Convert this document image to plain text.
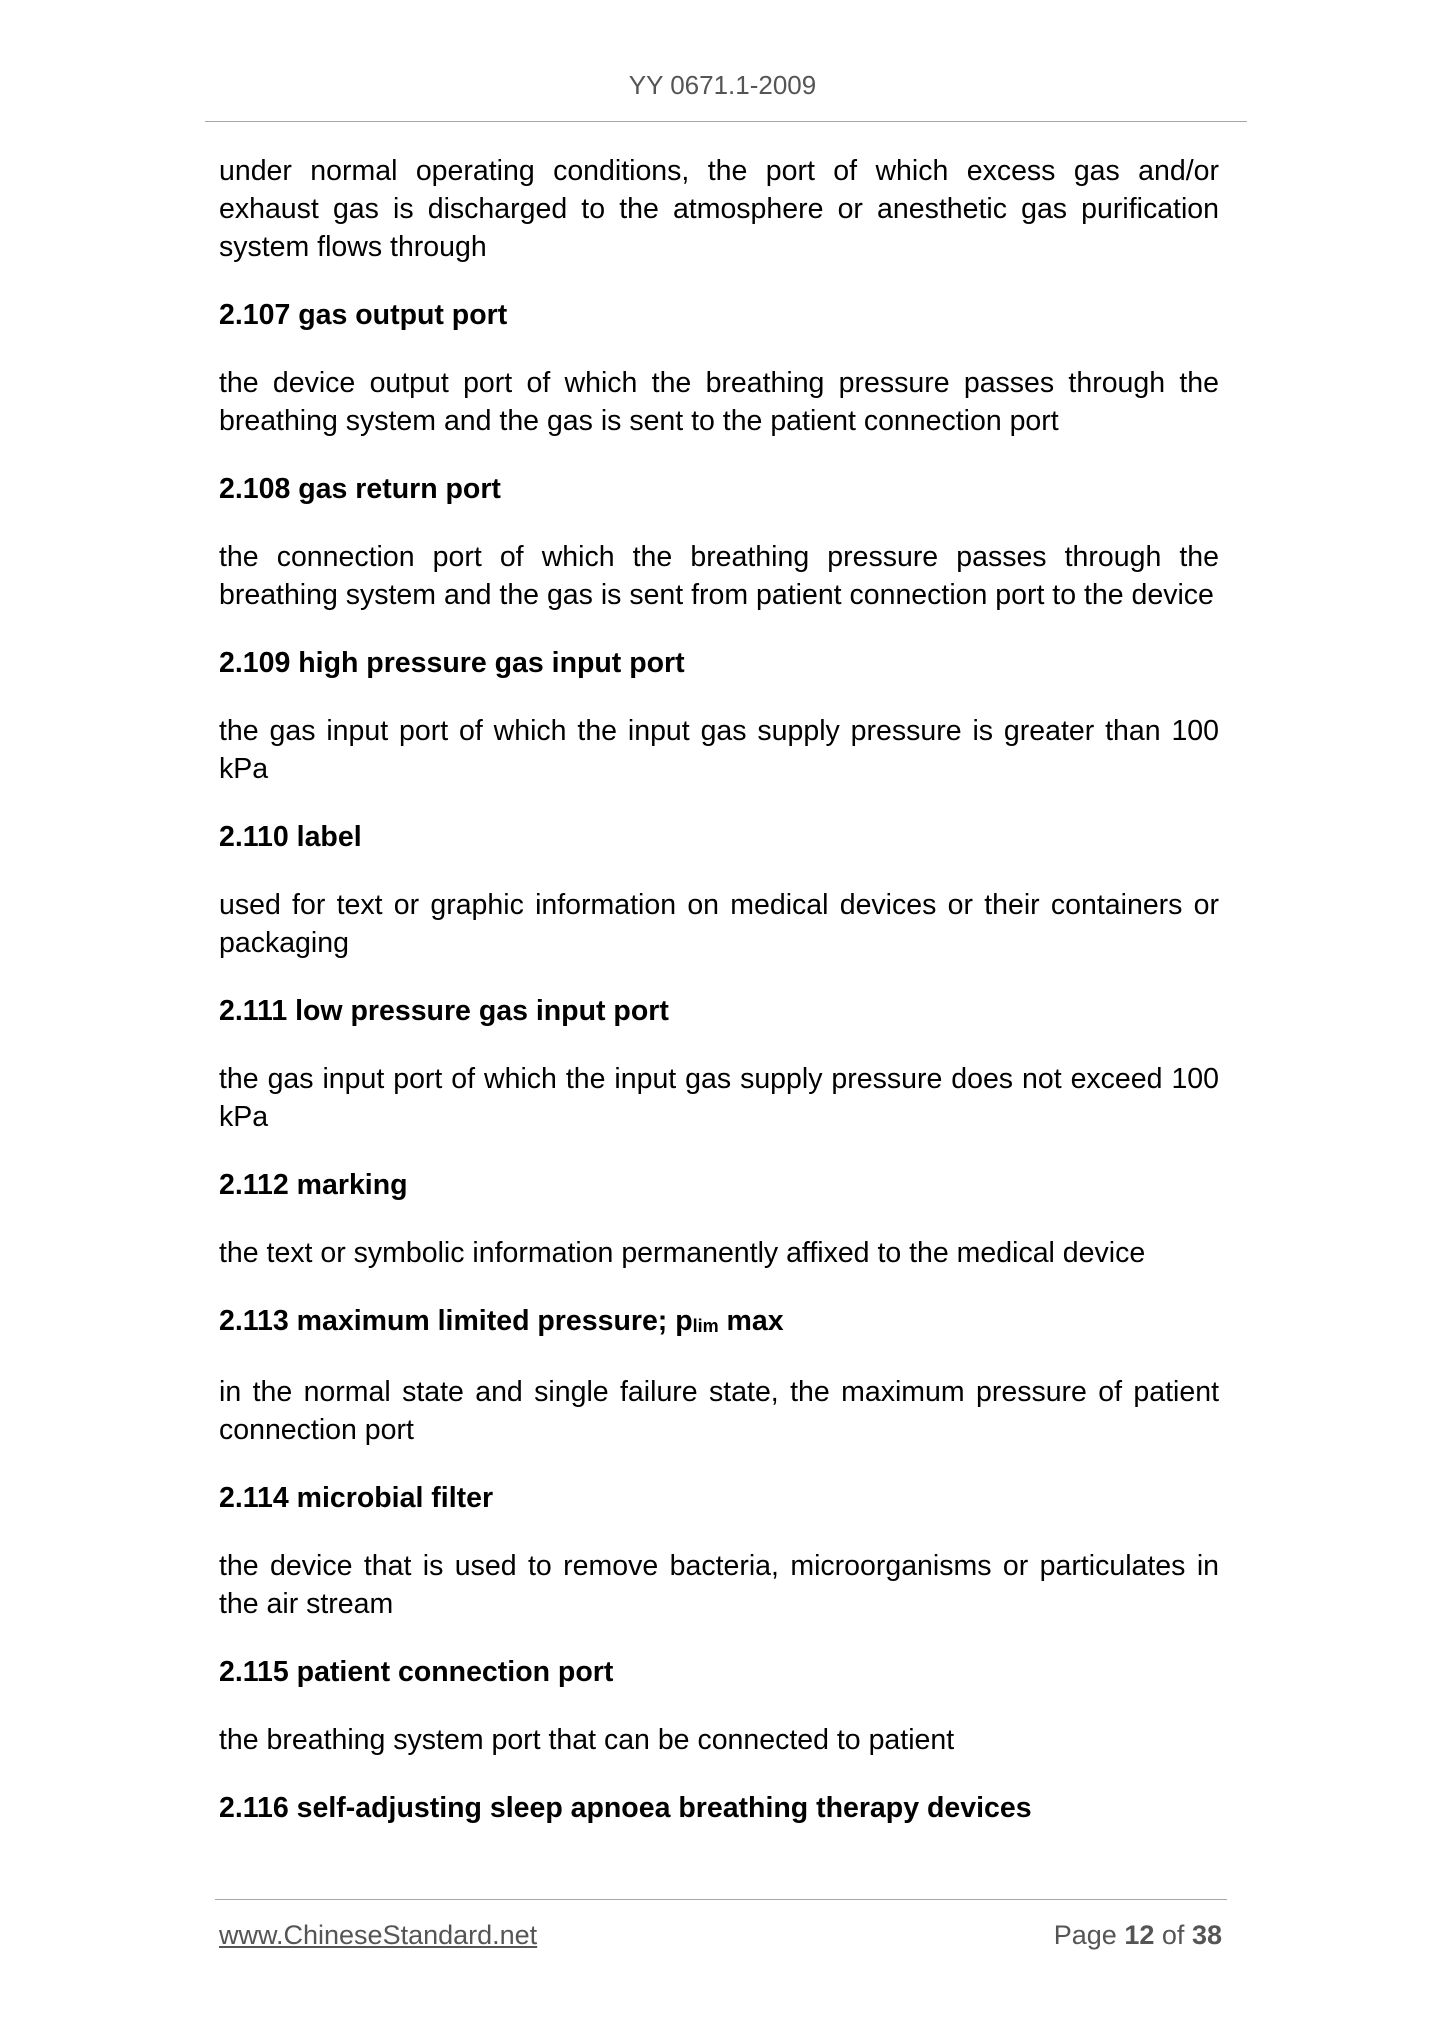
YY 0671.1-2009

under normal operating conditions, the port of which excess gas and/or exhaust gas is discharged to the atmosphere or anesthetic gas purification system flows through

2.107 gas output port

the device output port of which the breathing pressure passes through the breathing system and the gas is sent to the patient connection port

2.108 gas return port

the connection port of which the breathing pressure passes through the breathing system and the gas is sent from patient connection port to the device

2.109 high pressure gas input port

the gas input port of which the input gas supply pressure is greater than 100 kPa

2.110 label

used for text or graphic information on medical devices or their containers or packaging

2.111 low pressure gas input port

the gas input port of which the input gas supply pressure does not exceed 100 kPa

2.112 marking

the text or symbolic information permanently affixed to the medical device

2.113 maximum limited pressure; $p_{lim}$ max

in the normal state and single failure state, the maximum pressure of patient connection port

2.114 microbial filter

the device that is used to remove bacteria, microorganisms or particulates in the air stream

2.115 patient connection port

the breathing system port that can be connected to patient

2.116 self-adjusting sleep apnoea breathing therapy devices

www.ChineseStandard.net	Page 12 of 38
